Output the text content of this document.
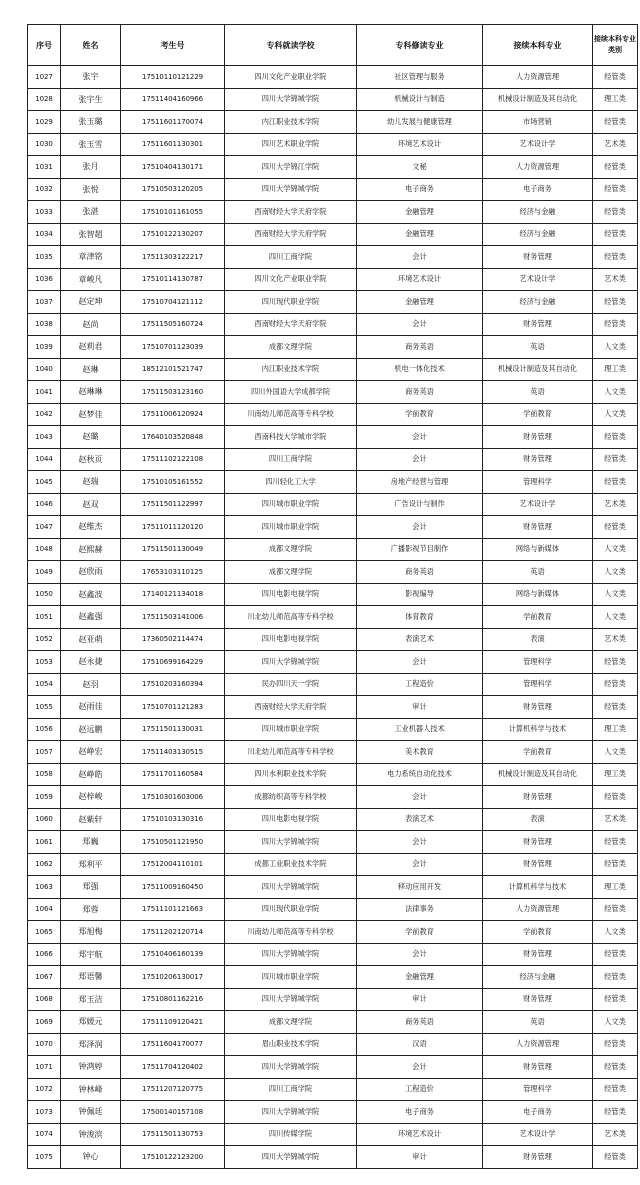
序号	姓名	考生号	专科就读学校	专科修读专业	接续本科专业	接续本科专业类别
1027	张宇	17510110121229	四川文化产业职业学院	社区管理与服务	人力资源管理	经管类
1028	张宇生	17511404160966	四川大学锦城学院	机械设计与制造	机械设计制造及其自动化	理工类
1029	张玉璐	17511601170074	内江职业技术学院	幼儿发展与健康管理	市场营销	经管类
1030	张玉雪	17511601130301	四川艺术职业学院	环境艺术设计	艺术设计学	艺术类
1031	张月	17510404130171	四川大学锦江学院	文秘	人力资源管理	经管类
1032	张悦	17510503120205	四川大学锦城学院	电子商务	电子商务	经管类
1033	张湛	17510101161055	西南财经大学天府学院	金融管理	经济与金融	经管类
1034	张智超	17510122130207	西南财经大学天府学院	金融管理	经济与金融	经管类
1035	章津铭	17511303122217	四川工商学院	会计	财务管理	经管类
1036	章峻凡	17510114130787	四川文化产业职业学院	环境艺术设计	艺术设计学	艺术类
1037	赵定坤	17510704121112	四川现代职业学院	金融管理	经济与金融	经管类
1038	赵尚	17511505160724	西南财经大学天府学院	会计	财务管理	经管类
1039	赵莉君	17510701123039	成都文理学院	商务英语	英语	人文类
1040	赵琳	18512101521747	内江职业技术学院	机电一体化技术	机械设计制造及其自动化	理工类
1041	赵琳琳	17511503123160	四川外国语大学成都学院	商务英语	英语	人文类
1042	赵梦佳	17511006120924	川南幼儿师范高等专科学校	学前教育	学前教育	人文类
1043	赵璐	17640103520848	西南科技大学城市学院	会计	财务管理	经管类
1044	赵秋页	17511102122108	四川工商学院	会计	财务管理	经管类
1045	赵瑞	17510105161552	四川轻化工大学	房地产经营与管理	管理科学	经管类
1046	赵双	17511501122997	四川城市职业学院	广告设计与制作	艺术设计学	艺术类
1047	赵维杰	17511011120120	四川城市职业学院	会计	财务管理	经管类
1048	赵熙赫	17511501130049	成都文理学院	广播影视节目制作	网络与新媒体	人文类
1049	赵欣雨	17653103110125	成都文理学院	商务英语	英语	人文类
1050	赵鑫波	17140121134018	四川电影电视学院	影视编导	网络与新媒体	人文类
1051	赵鑫强	17511503141006	川北幼儿师范高等专科学校	体育教育	学前教育	人文类
1052	赵亚萌	17360502114474	四川电影电视学院	表演艺术	表演	艺术类
1053	赵永捷	17510699164229	四川大学锦城学院	会计	管理科学	经管类
1054	赵羽	17510203160394	民办四川天一学院	工程造价	管理科学	经管类
1055	赵雨佳	17510701121283	西南财经大学天府学院	审计	财务管理	经管类
1056	赵远鹏	17511501130031	四川城市职业学院	工业机器人技术	计算机科学与技术	理工类
1057	赵峥宏	17511403130515	川北幼儿师范高等专科学校	美术教育	学前教育	人文类
1058	赵峥皓	17511701160584	四川水利职业技术学院	电力系统自动化技术	机械设计制造及其自动化	理工类
1059	赵梓峻	17510301603006	成都纺织高等专科学校	会计	财务管理	经管类
1060	赵紫轩	17510103130316	四川电影电视学院	表演艺术	表演	艺术类
1061	郑巍	17510501121950	四川大学锦城学院	会计	财务管理	经管类
1062	郑利平	17512004110101	成都工业职业技术学院	会计	财务管理	经管类
1063	郑强	17511009160450	四川大学锦城学院	移动应用开发	计算机科学与技术	理工类
1064	郑蓉	17511101121663	四川现代职业学院	法律事务	人力资源管理	经管类
1065	郑旭梅	17511202120714	川南幼儿师范高等专科学校	学前教育	学前教育	人文类
1066	郑宇航	17510406160139	四川大学锦城学院	会计	财务管理	经管类
1067	郑语馨	17510206130017	四川城市职业学院	金融管理	经济与金融	经管类
1068	郑玉洁	17510801162216	四川大学锦城学院	审计	财务管理	经管类
1069	郑媛元	17511109120421	成都文理学院	商务英语	英语	人文类
1070	郑泽润	17511604170077	眉山职业技术学院	汉语	人力资源管理	经管类
1071	钟鸿婷	17511704120402	四川大学锦城学院	会计	财务管理	经管类
1072	钟林峰	17511207120775	四川工商学院	工程造价	管理科学	经管类
1073	钟佩廷	17500140157108	四川大学锦城学院	电子商务	电子商务	经管类
1074	钟浚滨	17511501130753	四川传媒学院	环境艺术设计	艺术设计学	艺术类
1075	钟心	17510122123200	四川大学锦城学院	审计	财务管理	经管类
